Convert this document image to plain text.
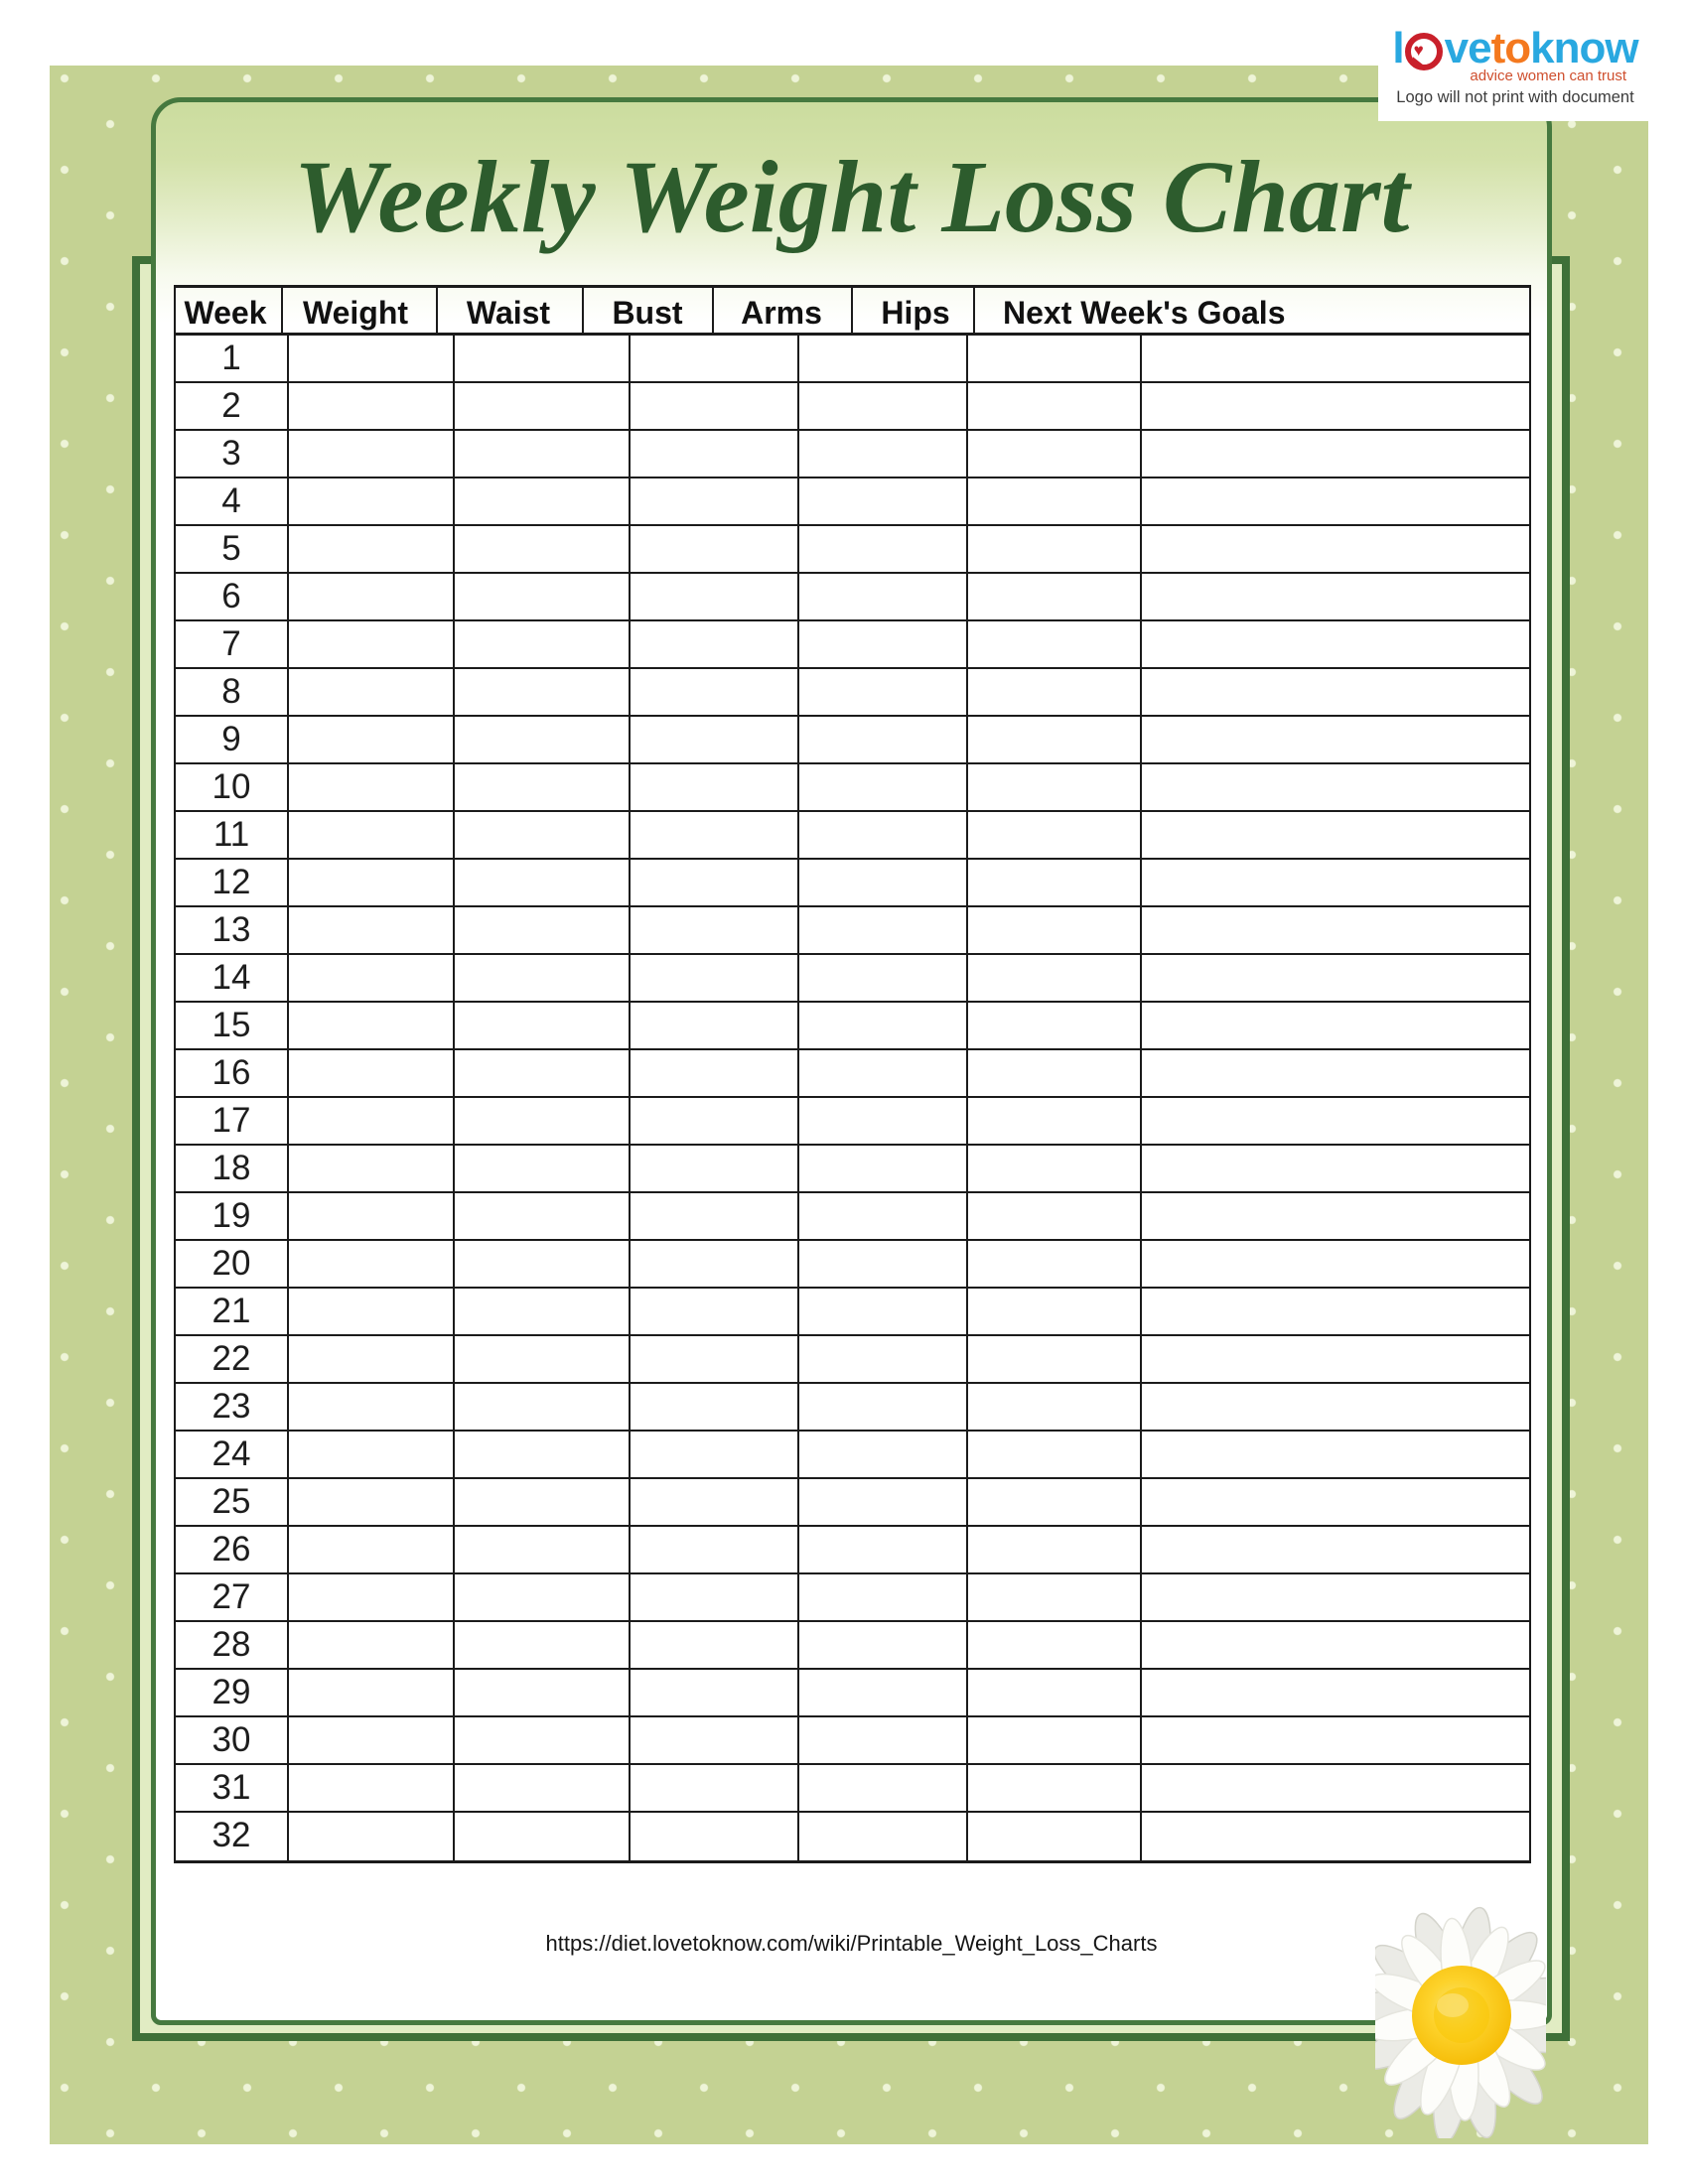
Weekly Weight Loss Chart
Week Weight Waist Bust Arms Hips Next Week's Goals
1
2
3
4
5
6
7
8
9
10
11
12
13
14
15
16
17
18
19
20
21
22
23
24
25
26
27
28
29
30
31
32
https://diet.lovetoknow.com/wiki/Printable_Weight_Loss_Charts
l ♥ ve to know
advice women can trust
Logo will not print with document
